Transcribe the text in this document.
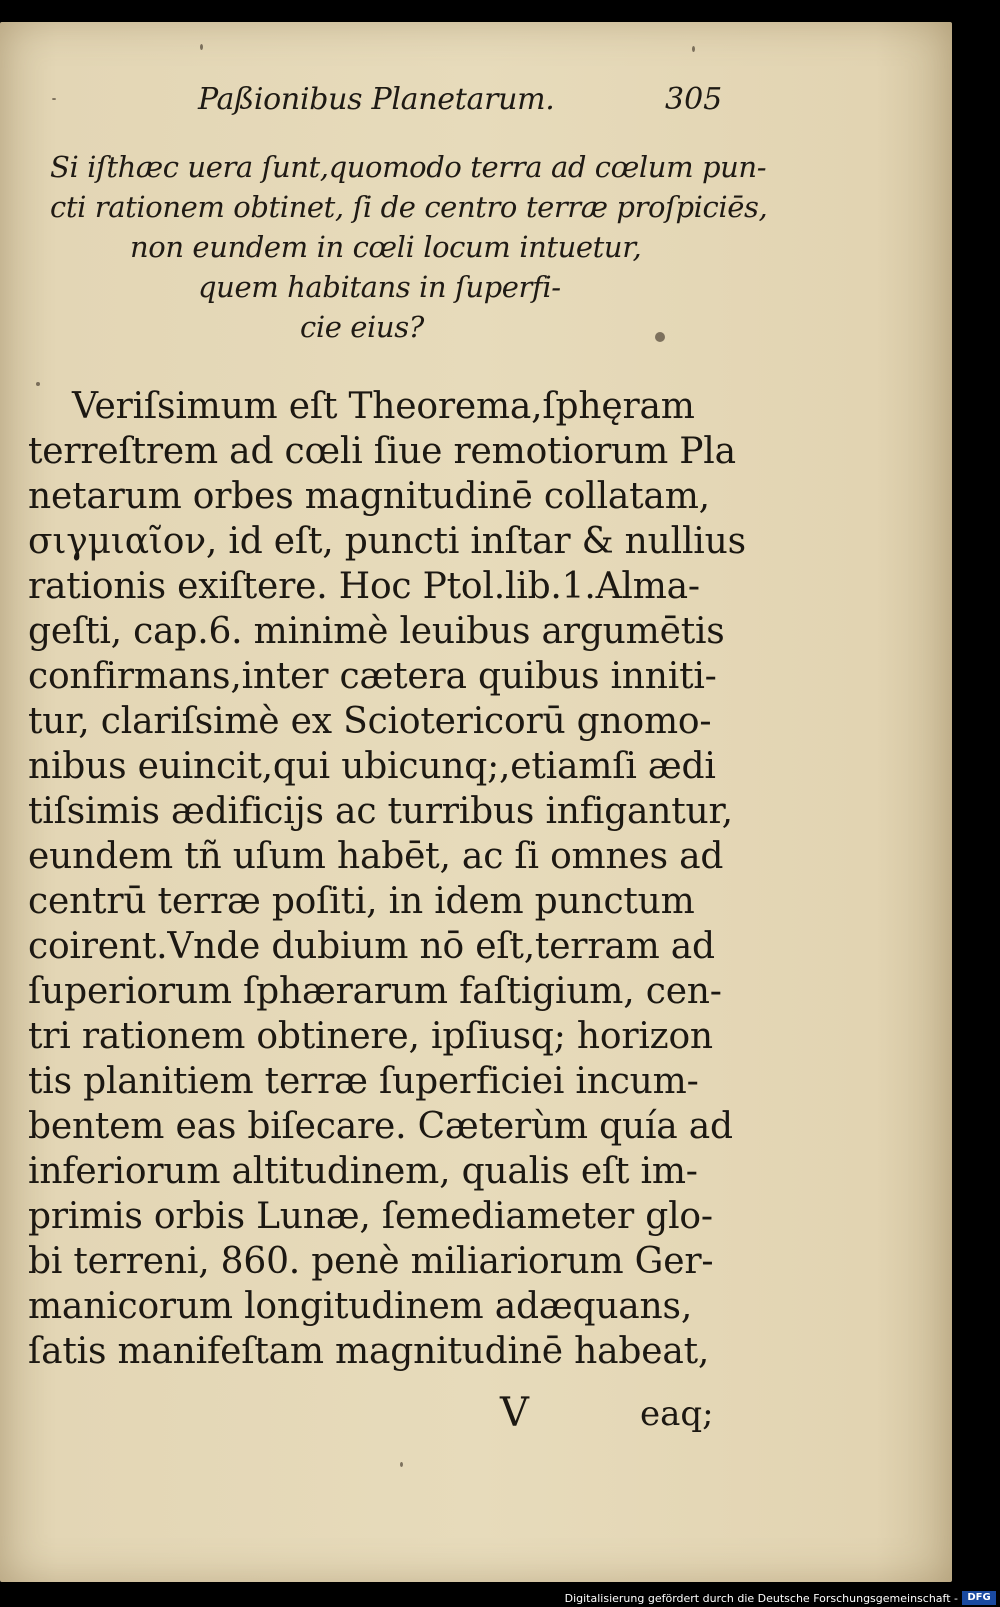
Paßionibus Planetarum.	305
Si iſthæc uera ſunt,quomodo terra ad cœlum pun-
cti rationem obtinet, ſi de centro terræ proſpiciēs,
non eundem in cœli locum intuetur,
quem habitans in ſuperfi-
cie eius?
Veriſsimum eſt Theorema,ſphęram
terreſtrem ad cœli ſiue remotiorum Pla
netarum orbes magnitudinē collatam,
σιγμιαῖον, id eſt, puncti inſtar & nullius
rationis exiſtere. Hoc Ptol.lib.1.Alma-
geſti, cap.6. minimè leuibus argumētis
confirmans,inter cætera quibus inniti-
tur, clariſsimè ex Sciotericorū gnomo-
nibus euincit,qui ubicunq;,etiamſi ædi
tiſsimis ædificijs ac turribus infigantur,
eundem tñ uſum habēt, ac ſi omnes ad
centrū terræ poſiti, in idem punctum
coirent.Vnde dubium nō eſt,terram ad
ſuperiorum ſphærarum faſtigium, cen-
tri rationem obtinere, ipſiusq; horizon
tis planitiem terræ ſuperficiei incum-
bentem eas biſecare. Cæterùm quía ad
inferiorum altitudinem, qualis eſt im-
primis orbis Lunæ, ſemediameter glo-
bi terreni, 860. penè miliariorum Ger-
manicorum longitudinem adæquans,
ſatis manifeſtam magnitudinē habeat,
V	eaq;
Digitalisierung gefördert durch die Deutsche Forschungsgemeinschaft - DFG
